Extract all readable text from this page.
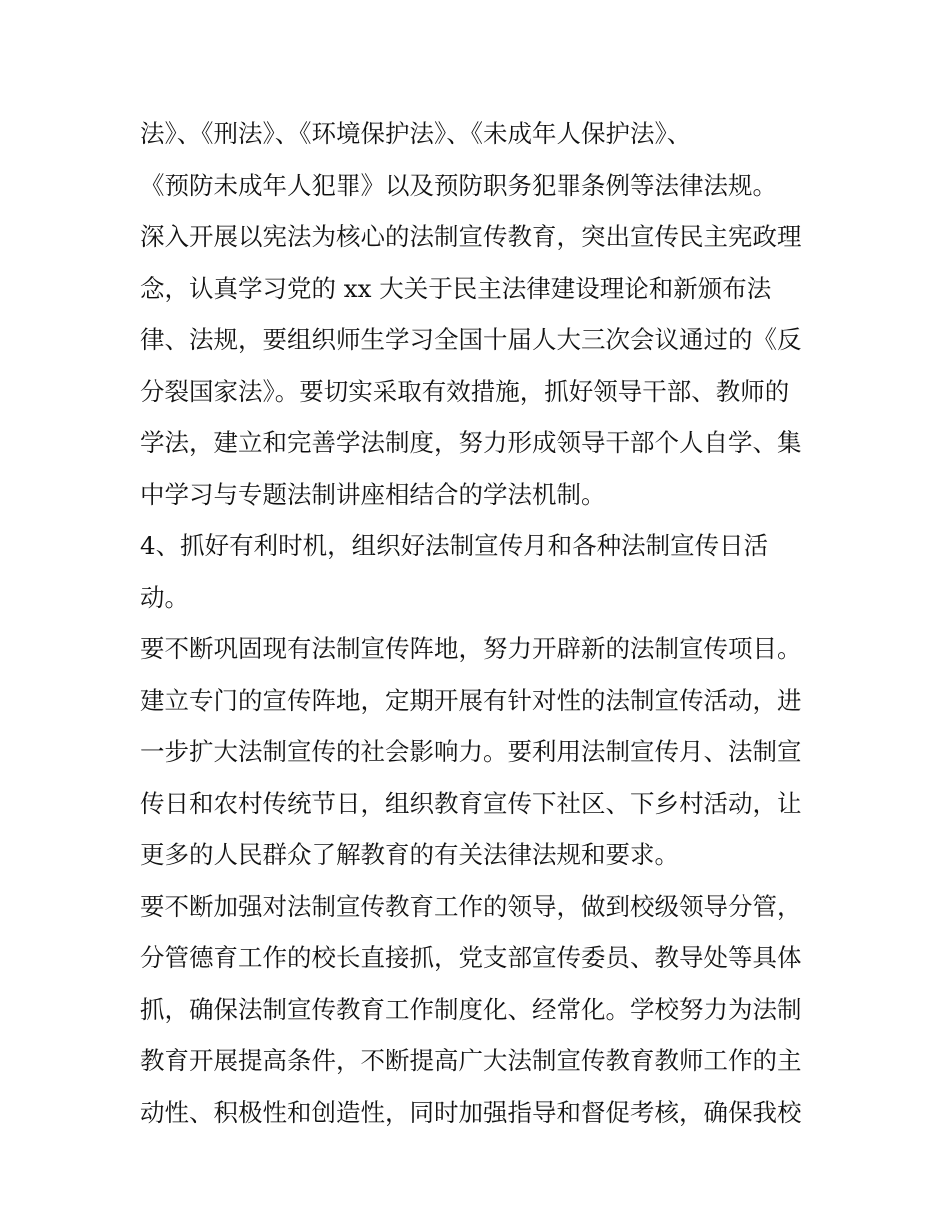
法》、《刑法》、《环境保护法》、《未成年人保护法》、
《预防未成年人犯罪》以及预防职务犯罪条例等法律法规。
深入开展以宪法为核心的法制宣传教育，突出宣传民主宪政理
念，认真学习党的 xx 大关于民主法律建设理论和新颁布法
律、法规，要组织师生学习全国十届人大三次会议通过的《反
分裂国家法》。要切实采取有效措施，抓好领导干部、教师的
学法，建立和完善学法制度，努力形成领导干部个人自学、集
中学习与专题法制讲座相结合的学法机制。
4、抓好有利时机，组织好法制宣传月和各种法制宣传日活
动。
要不断巩固现有法制宣传阵地，努力开辟新的法制宣传项目。
建立专门的宣传阵地，定期开展有针对性的法制宣传活动，进
一步扩大法制宣传的社会影响力。要利用法制宣传月、法制宣
传日和农村传统节日，组织教育宣传下社区、下乡村活动，让
更多的人民群众了解教育的有关法律法规和要求。
要不断加强对法制宣传教育工作的领导，做到校级领导分管，
分管德育工作的校长直接抓，党支部宣传委员、教导处等具体
抓，确保法制宣传教育工作制度化、经常化。学校努力为法制
教育开展提高条件，不断提高广大法制宣传教育教师工作的主
动性、积极性和创造性，同时加强指导和督促考核，确保我校
